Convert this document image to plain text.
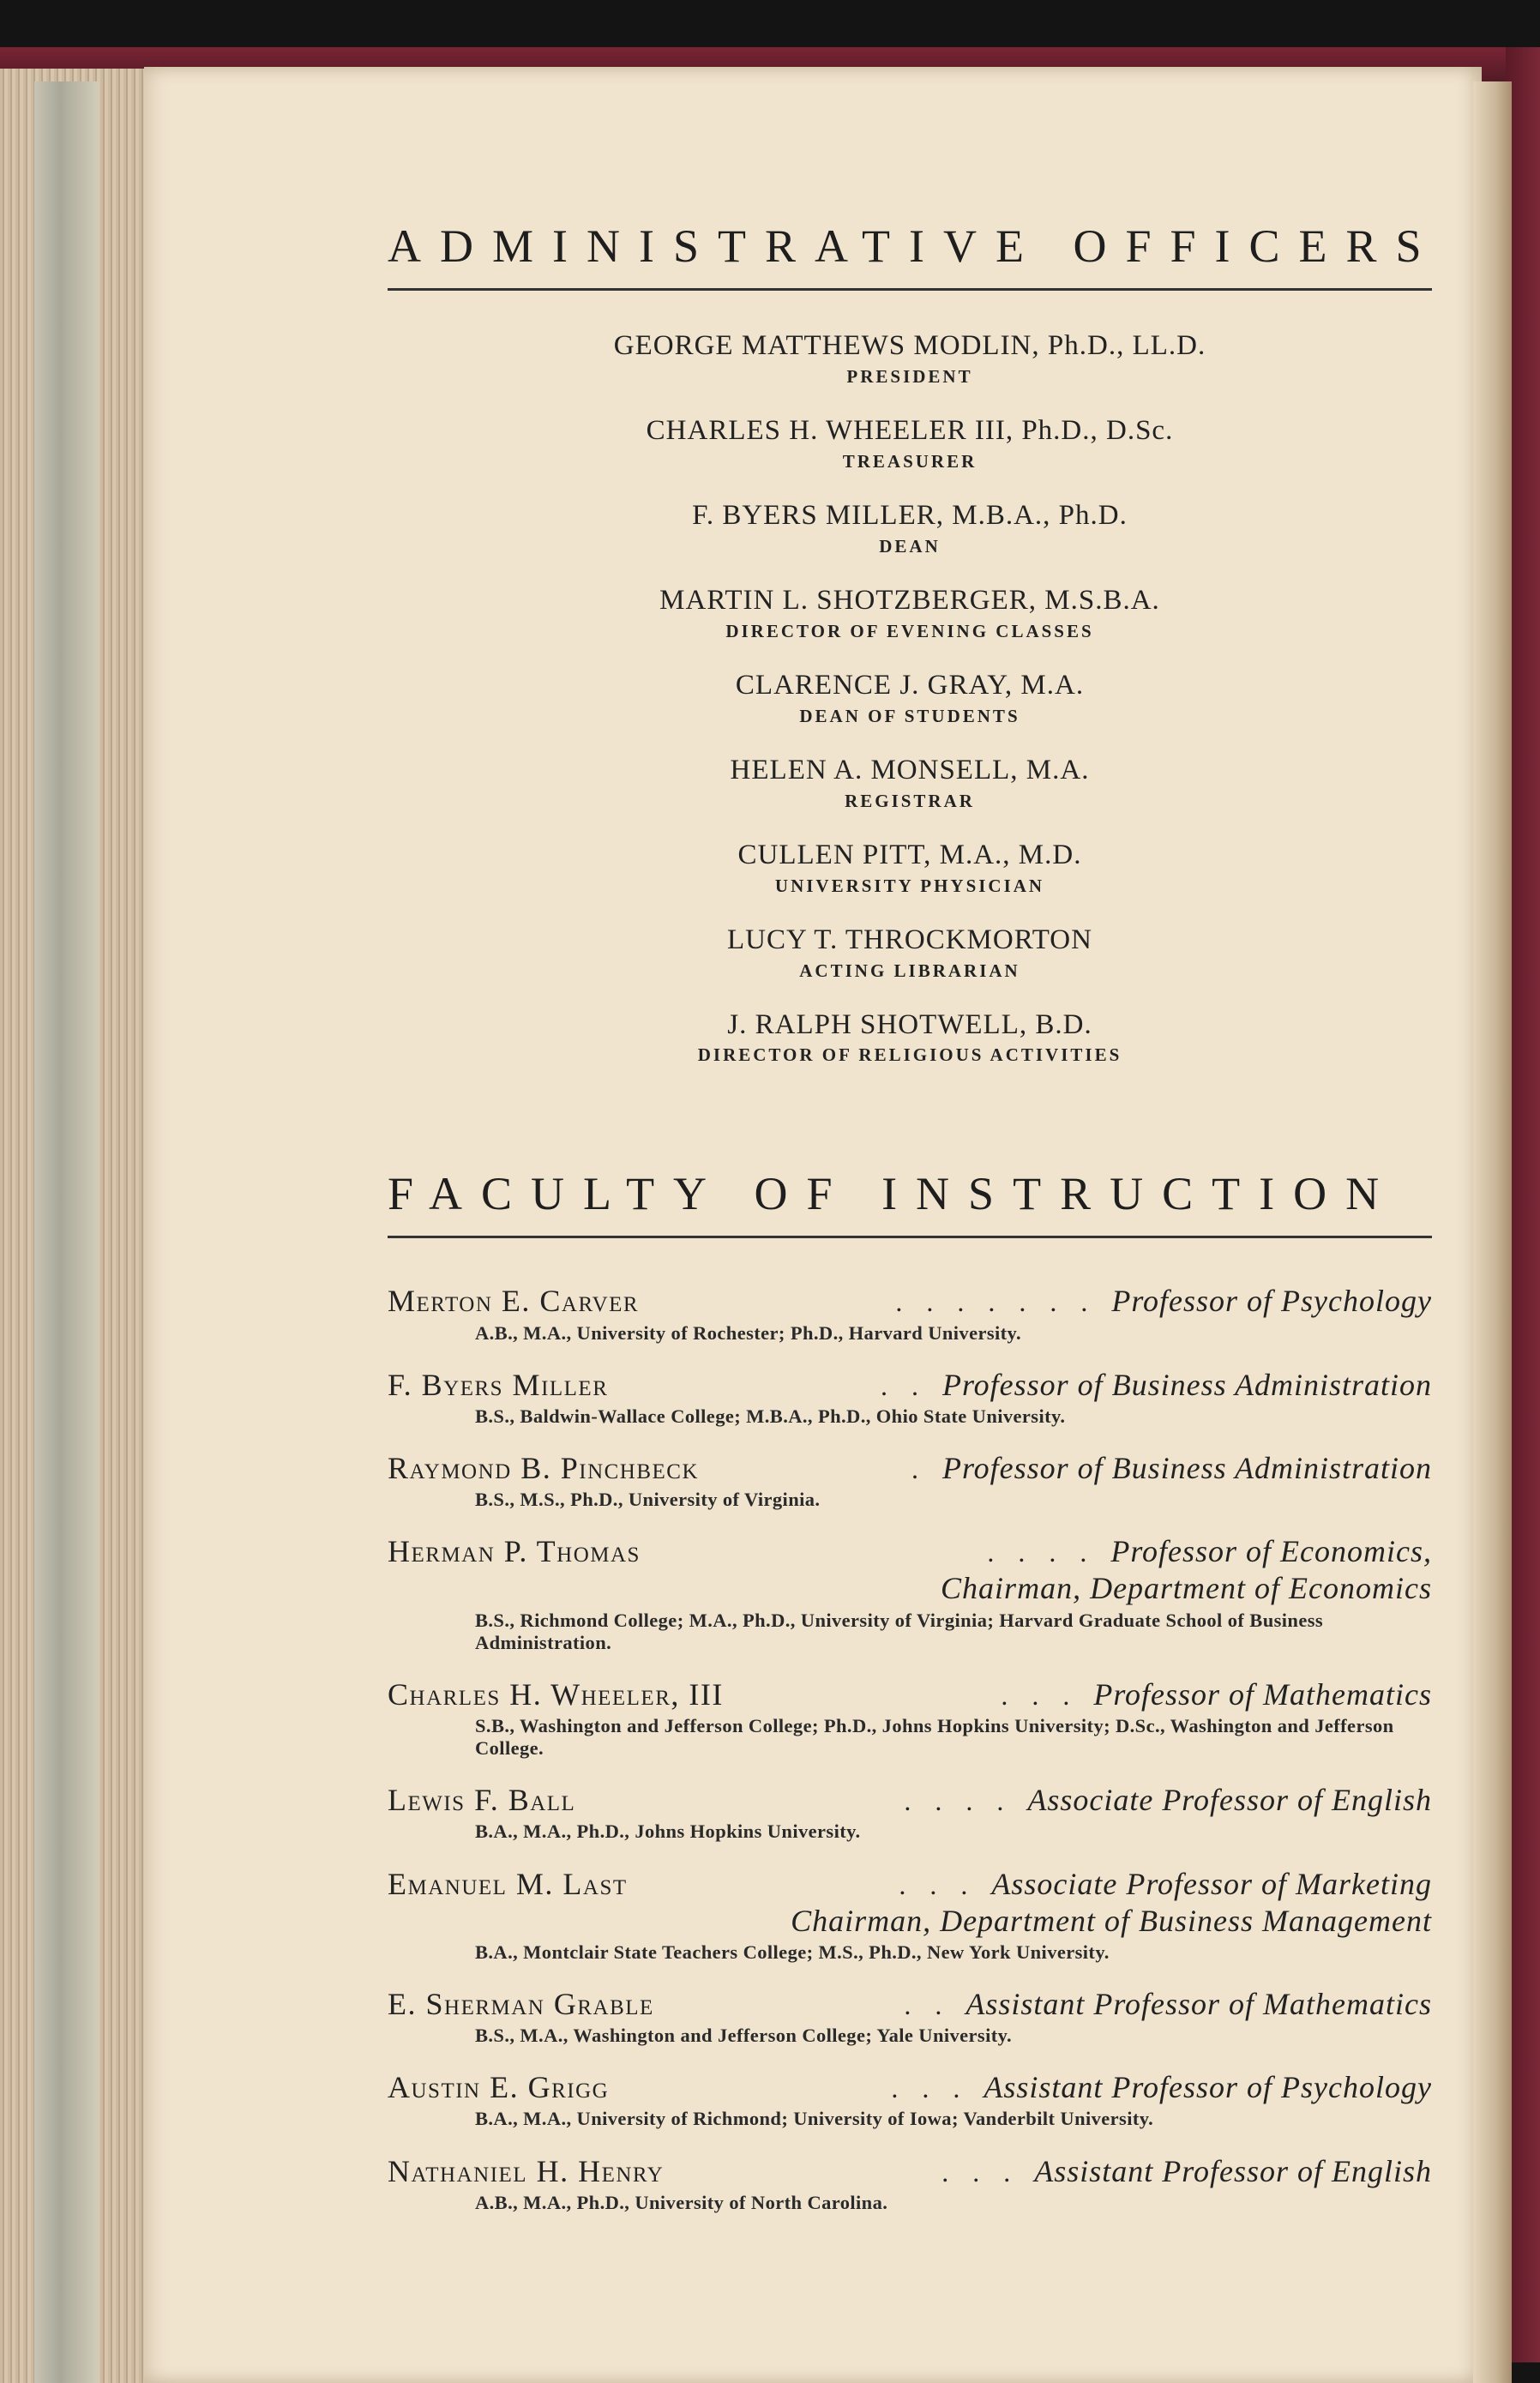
ADMINISTRATIVE OFFICERS
GEORGE MATTHEWS MODLIN, Ph.D., LL.D.
PRESIDENT
CHARLES H. WHEELER III, Ph.D., D.Sc.
TREASURER
F. BYERS MILLER, M.B.A., Ph.D.
DEAN
MARTIN L. SHOTZBERGER, M.S.B.A.
DIRECTOR OF EVENING CLASSES
CLARENCE J. GRAY, M.A.
DEAN OF STUDENTS
HELEN A. MONSELL, M.A.
REGISTRAR
CULLEN PITT, M.A., M.D.
UNIVERSITY PHYSICIAN
LUCY T. THROCKMORTON
ACTING LIBRARIAN
J. RALPH SHOTWELL, B.D.
DIRECTOR OF RELIGIOUS ACTIVITIES
FACULTY OF INSTRUCTION
Merton E. Carver	. . . . . . . Professor of Psychology
A.B., M.A., University of Rochester; Ph.D., Harvard University.
F. Byers Miller	. . Professor of Business Administration
B.S., Baldwin-Wallace College; M.B.A., Ph.D., Ohio State University.
Raymond B. Pinchbeck	. Professor of Business Administration
B.S., M.S., Ph.D., University of Virginia.
Herman P. Thomas	. . . . Professor of Economics,
Chairman, Department of Economics
B.S., Richmond College; M.A., Ph.D., University of Virginia; Harvard Graduate School of Business Administration.
Charles H. Wheeler, III	. . . Professor of Mathematics
S.B., Washington and Jefferson College; Ph.D., Johns Hopkins University; D.Sc., Washington and Jefferson College.
Lewis F. Ball	. . . . Associate Professor of English
B.A., M.A., Ph.D., Johns Hopkins University.
Emanuel M. Last	. . . Associate Professor of Marketing
Chairman, Department of Business Management
B.A., Montclair State Teachers College; M.S., Ph.D., New York University.
E. Sherman Grable	. . Assistant Professor of Mathematics
B.S., M.A., Washington and Jefferson College; Yale University.
Austin E. Grigg	. . . Assistant Professor of Psychology
B.A., M.A., University of Richmond; University of Iowa; Vanderbilt University.
Nathaniel H. Henry	. . . Assistant Professor of English
A.B., M.A., Ph.D., University of North Carolina.
